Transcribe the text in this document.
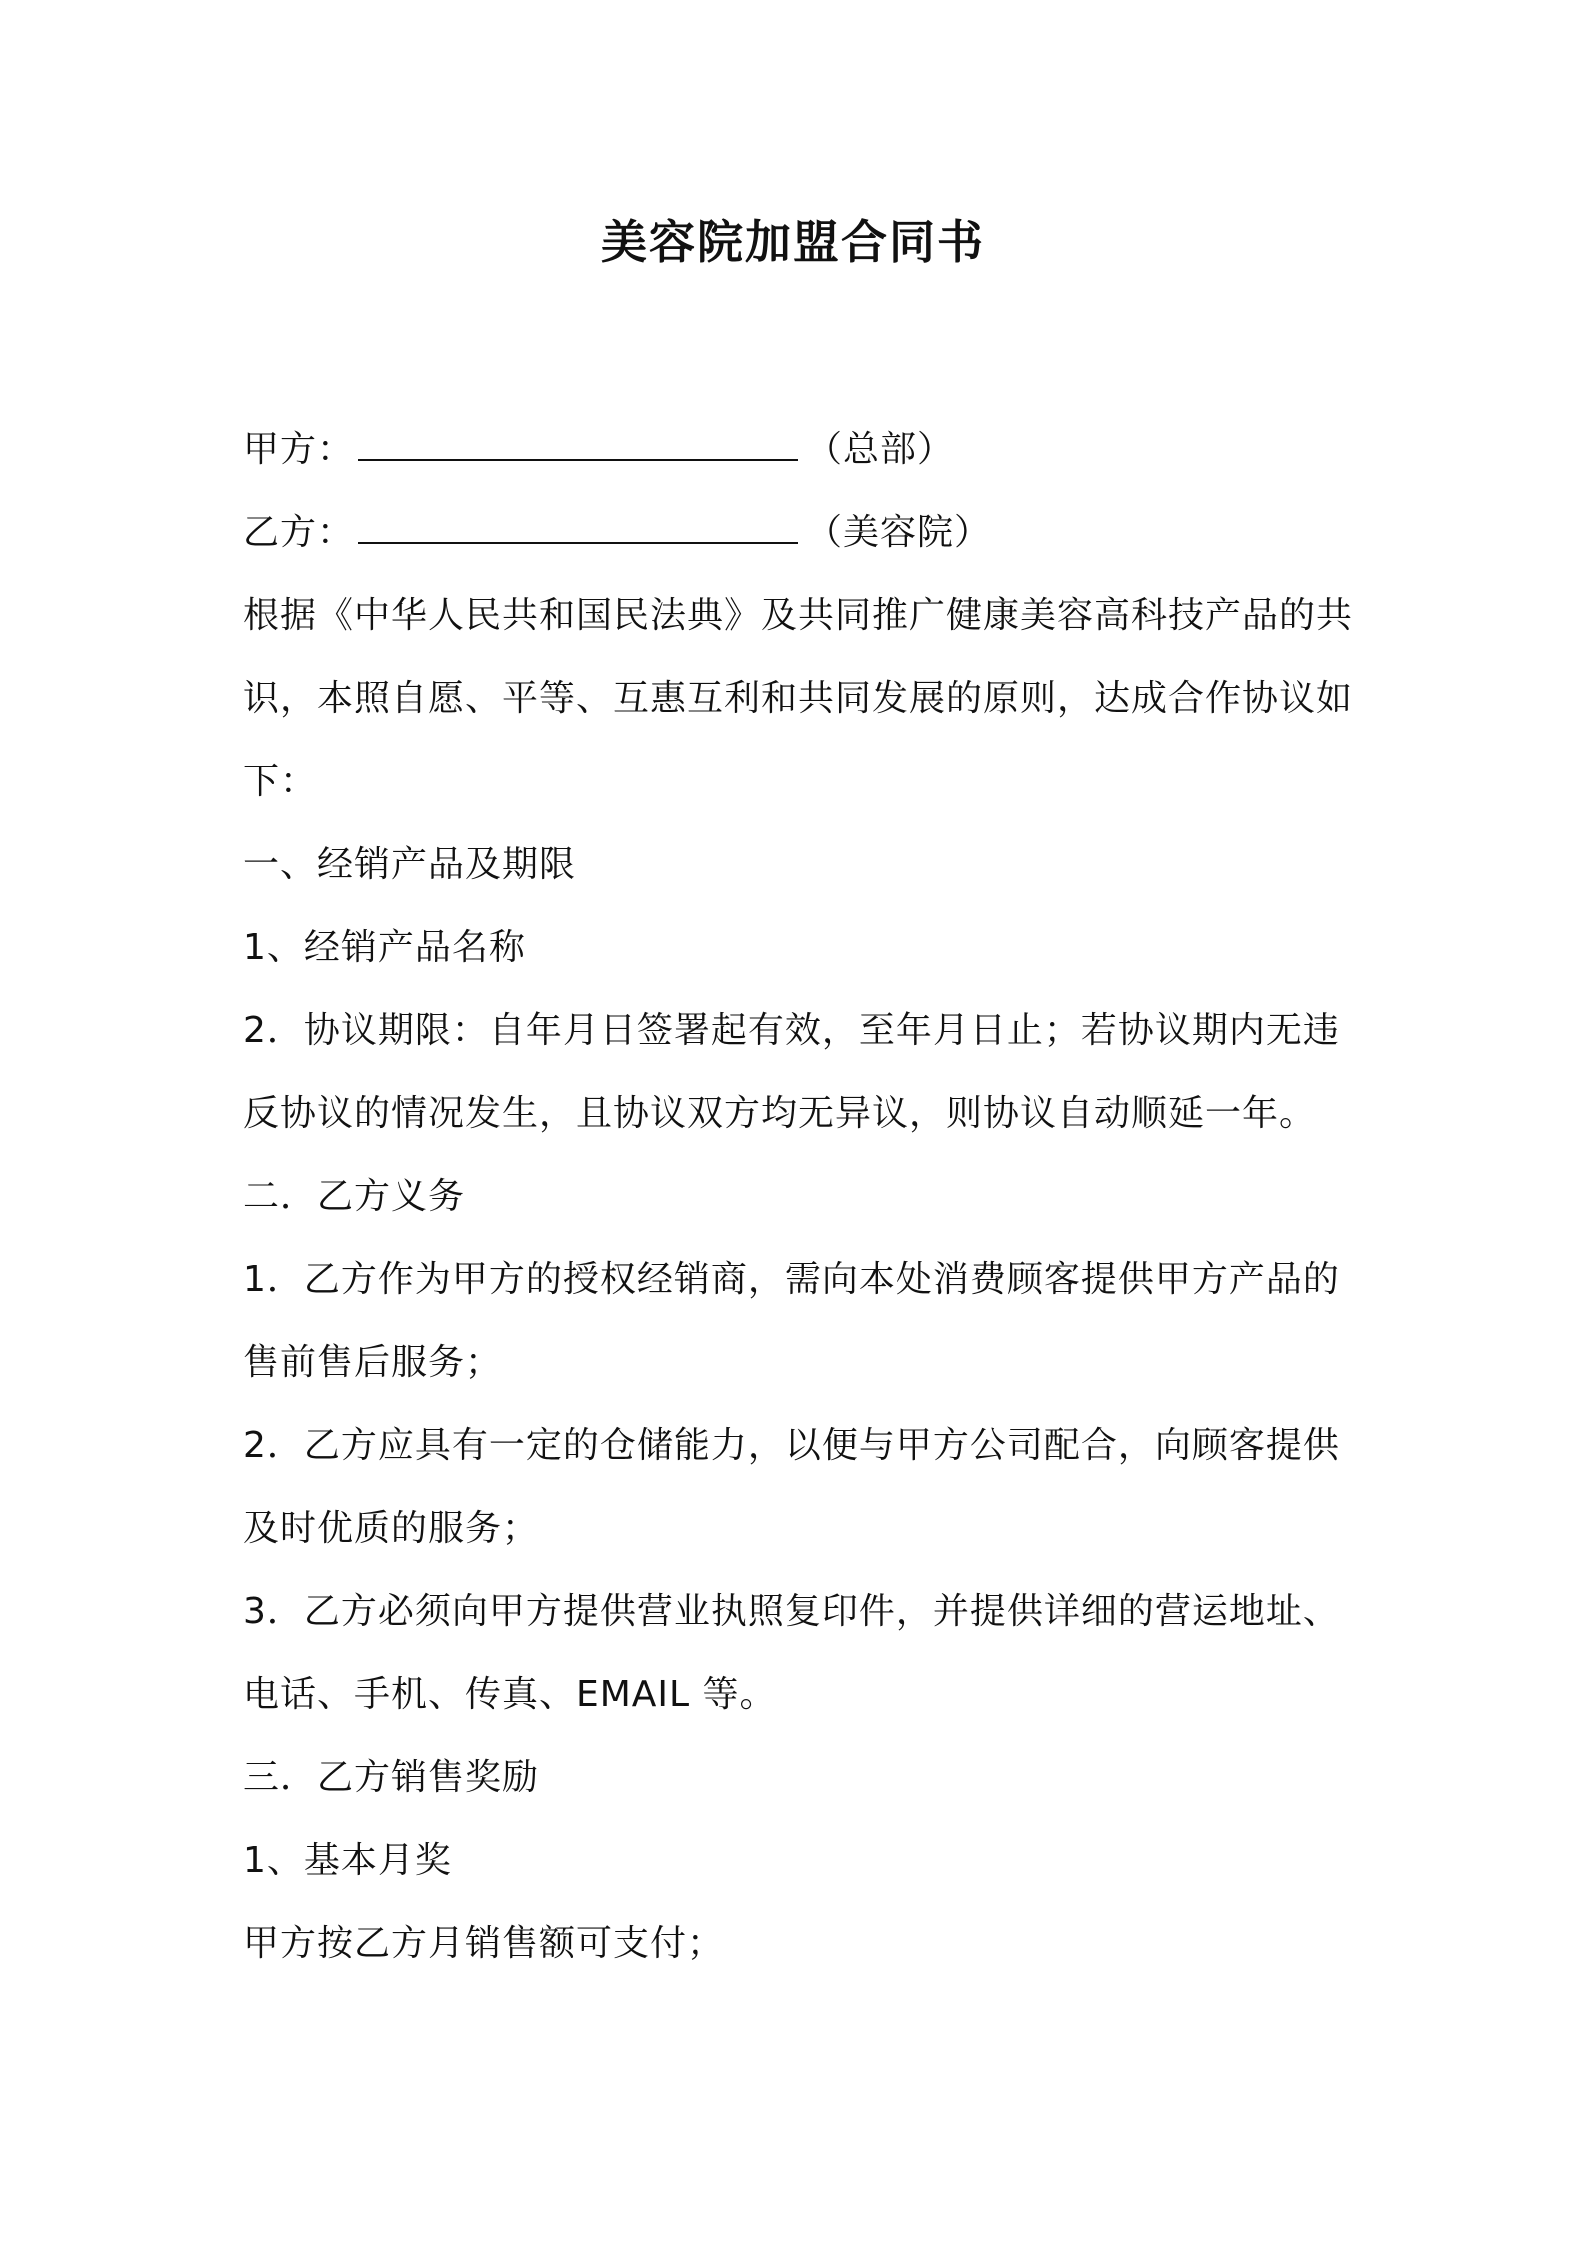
美容院加盟合同书
甲方：	（总部）
乙方：	（美容院）
根据《中华人民共和国民法典》及共同推广健康美容高科技产品的共
识，本照自愿、平等、互惠互利和共同发展的原则，达成合作协议如
下：
一、经销产品及期限
1、经销产品名称
2．协议期限：自年月日签署起有效，至年月日止；若协议期内无违
反协议的情况发生，且协议双方均无异议，则协议自动顺延一年。
二．乙方义务
1．乙方作为甲方的授权经销商，需向本处消费顾客提供甲方产品的
售前售后服务；
2．乙方应具有一定的仓储能力，以便与甲方公司配合，向顾客提供
及时优质的服务；
3．乙方必须向甲方提供营业执照复印件，并提供详细的营运地址、
电话、手机、传真、EMAIL 等。
三．乙方销售奖励
1、基本月奖
甲方按乙方月销售额可支付；
